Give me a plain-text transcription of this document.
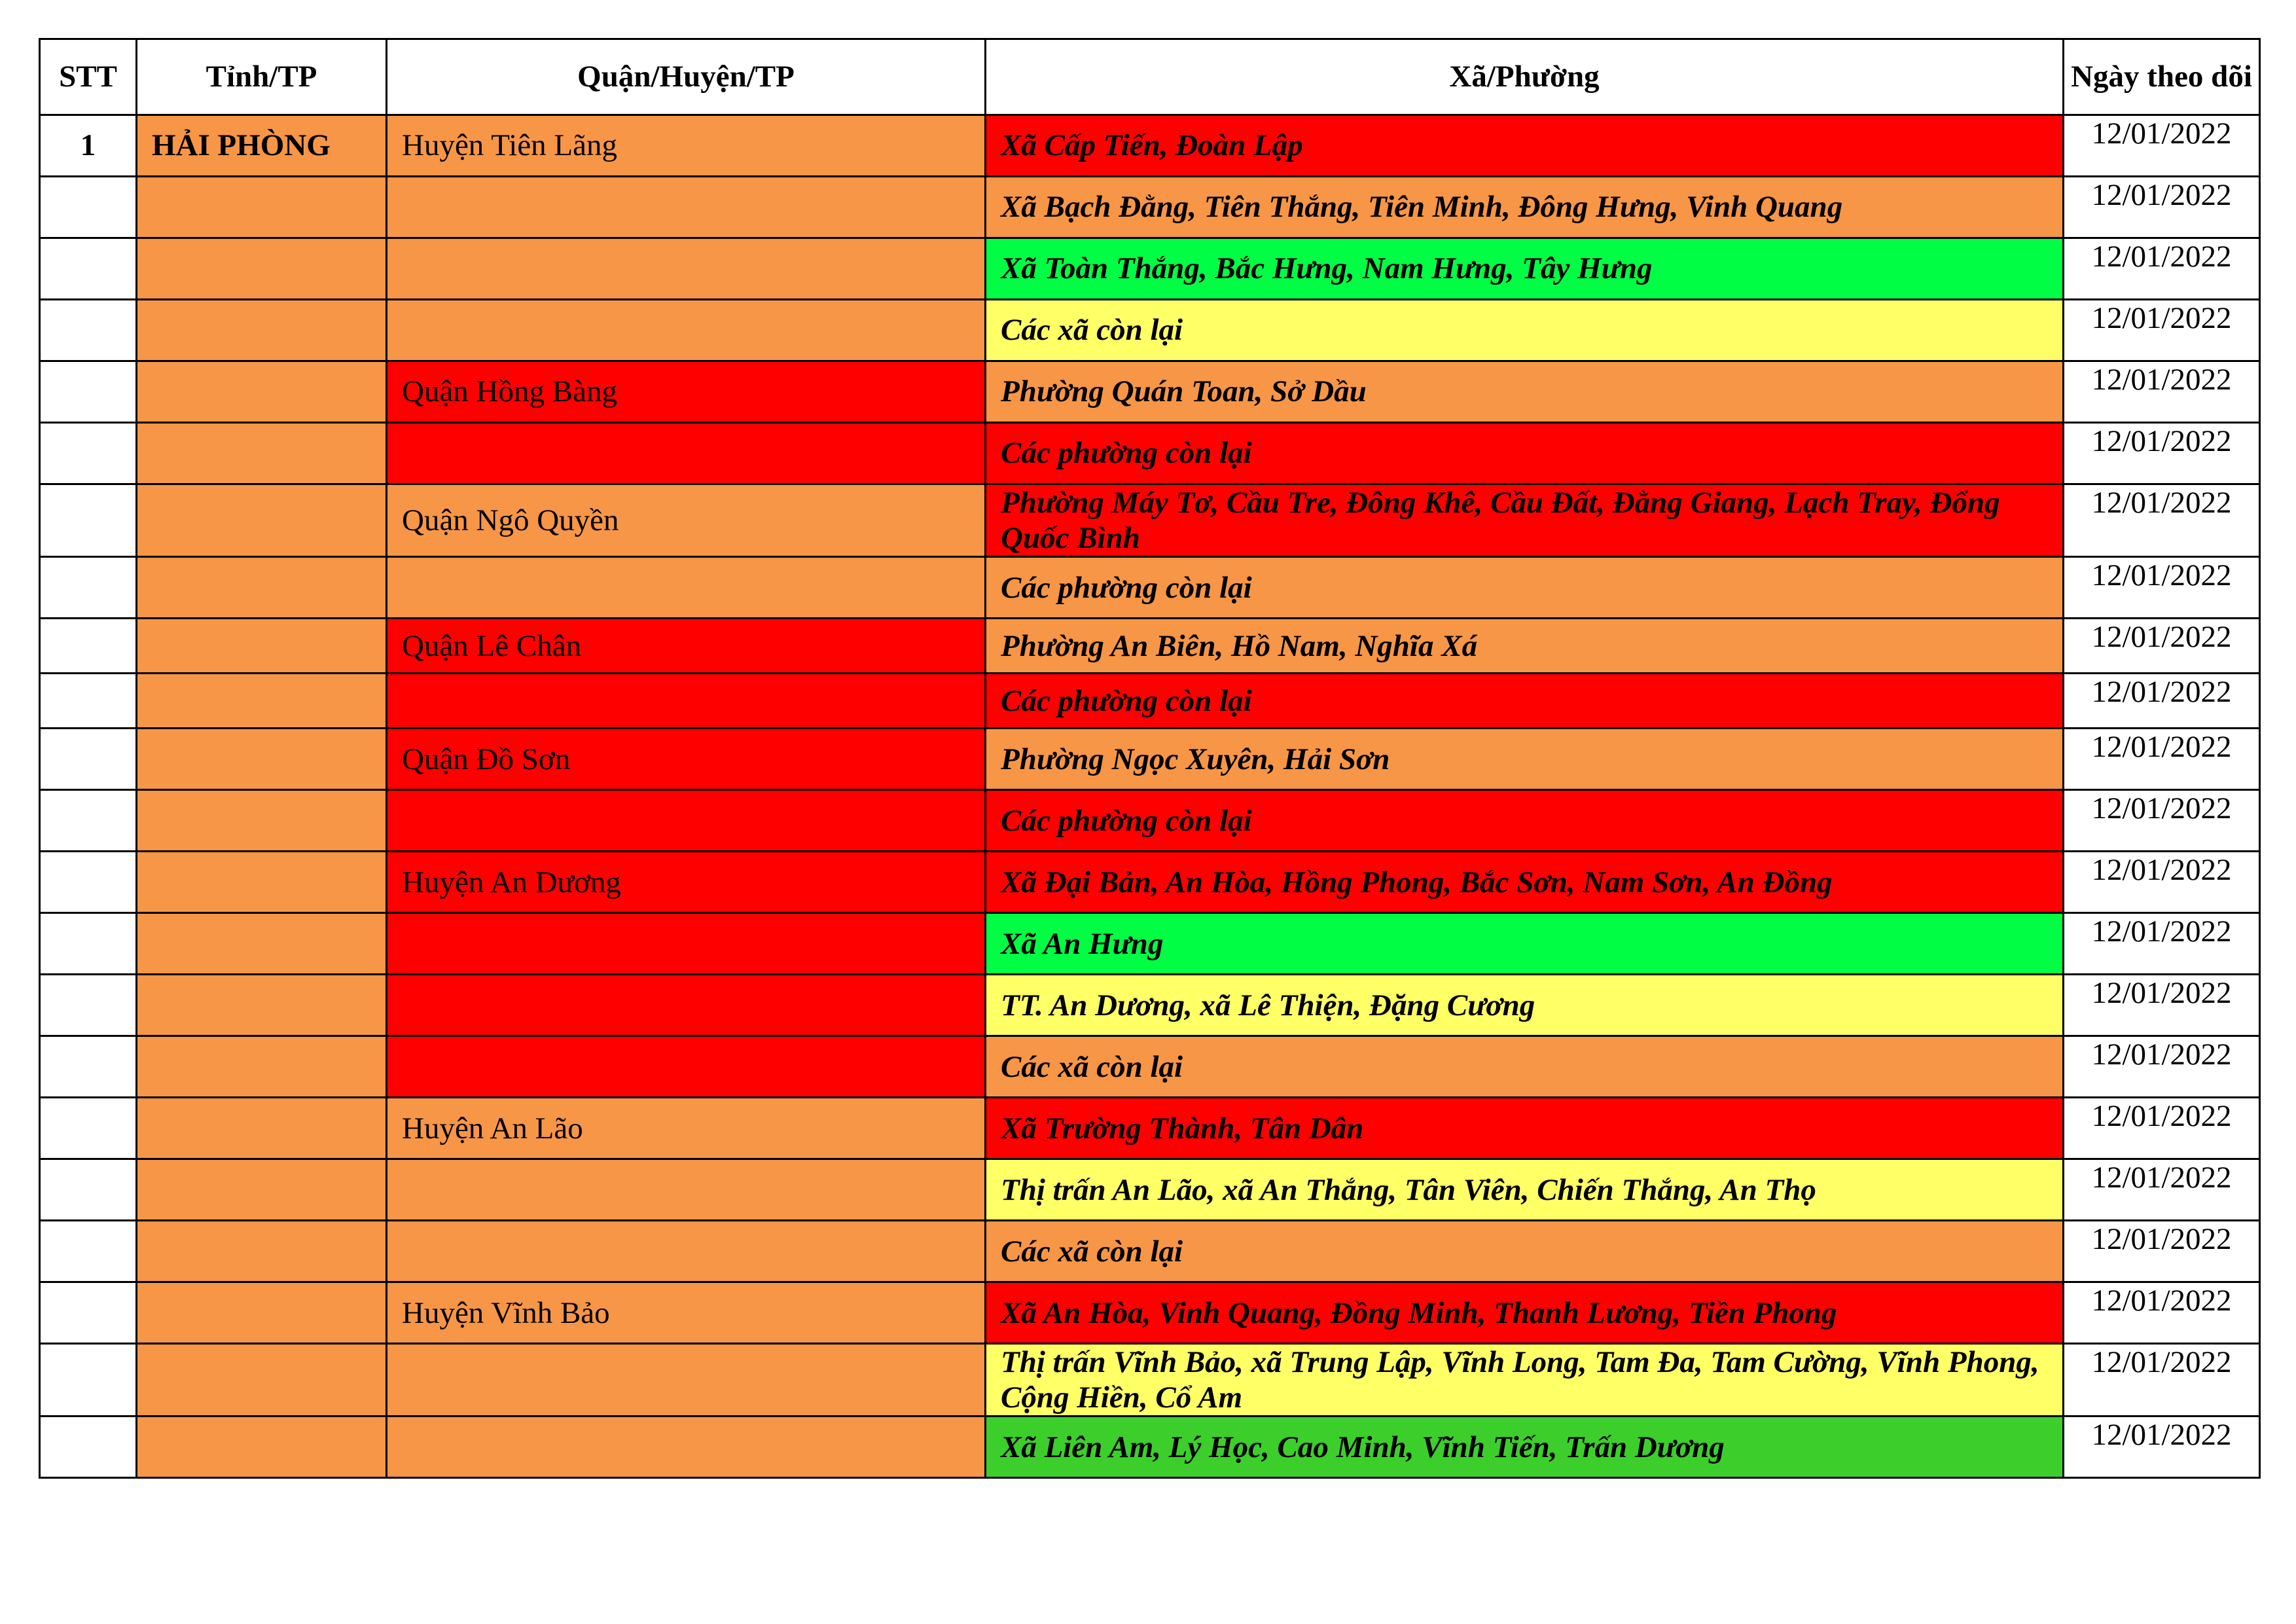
STT	Tỉnh/TP	Quận/Huyện/TP	Xã/Phường	Ngày theo dõi
1	HẢI PHÒNG	Huyện Tiên Lãng	Xã Cấp Tiến, Đoàn Lập	12/01/2022
			Xã Bạch Đằng, Tiên Thắng, Tiên Minh, Đông Hưng, Vinh Quang	12/01/2022
			Xã Toàn Thắng, Bắc Hưng, Nam Hưng, Tây Hưng	12/01/2022
			Các xã còn lại	12/01/2022
		Quận Hồng Bàng	Phường Quán Toan, Sở Dầu	12/01/2022
			Các phường còn lại	12/01/2022
		Quận Ngô Quyền	Phường Máy Tơ, Cầu Tre, Đông Khê, Cầu Đất, Đằng Giang, Lạch Tray, Đổng Quốc Bình	12/01/2022
			Các phường còn lại	12/01/2022
		Quận Lê Chân	Phường An Biên, Hồ Nam, Nghĩa Xá	12/01/2022
			Các phường còn lại	12/01/2022
		Quận Đồ Sơn	Phường Ngọc Xuyên, Hải Sơn	12/01/2022
			Các phường còn lại	12/01/2022
		Huyện An Dương	Xã Đại Bản, An Hòa, Hồng Phong, Bắc Sơn, Nam Sơn, An Đồng	12/01/2022
			Xã An Hưng	12/01/2022
			TT. An Dương, xã Lê Thiện, Đặng Cương	12/01/2022
			Các xã còn lại	12/01/2022
		Huyện An Lão	Xã Trường Thành, Tân Dân	12/01/2022
			Thị trấn An Lão, xã An Thắng, Tân Viên, Chiến Thắng, An Thọ	12/01/2022
			Các xã còn lại	12/01/2022
		Huyện Vĩnh Bảo	Xã An Hòa, Vinh Quang, Đồng Minh, Thanh Lương, Tiền Phong	12/01/2022
			Thị trấn Vĩnh Bảo, xã Trung Lập, Vĩnh Long, Tam Đa, Tam Cường, Vĩnh Phong, Cộng Hiền, Cổ Am	12/01/2022
			Xã Liên Am, Lý Học, Cao Minh, Vĩnh Tiến, Trấn Dương	12/01/2022
